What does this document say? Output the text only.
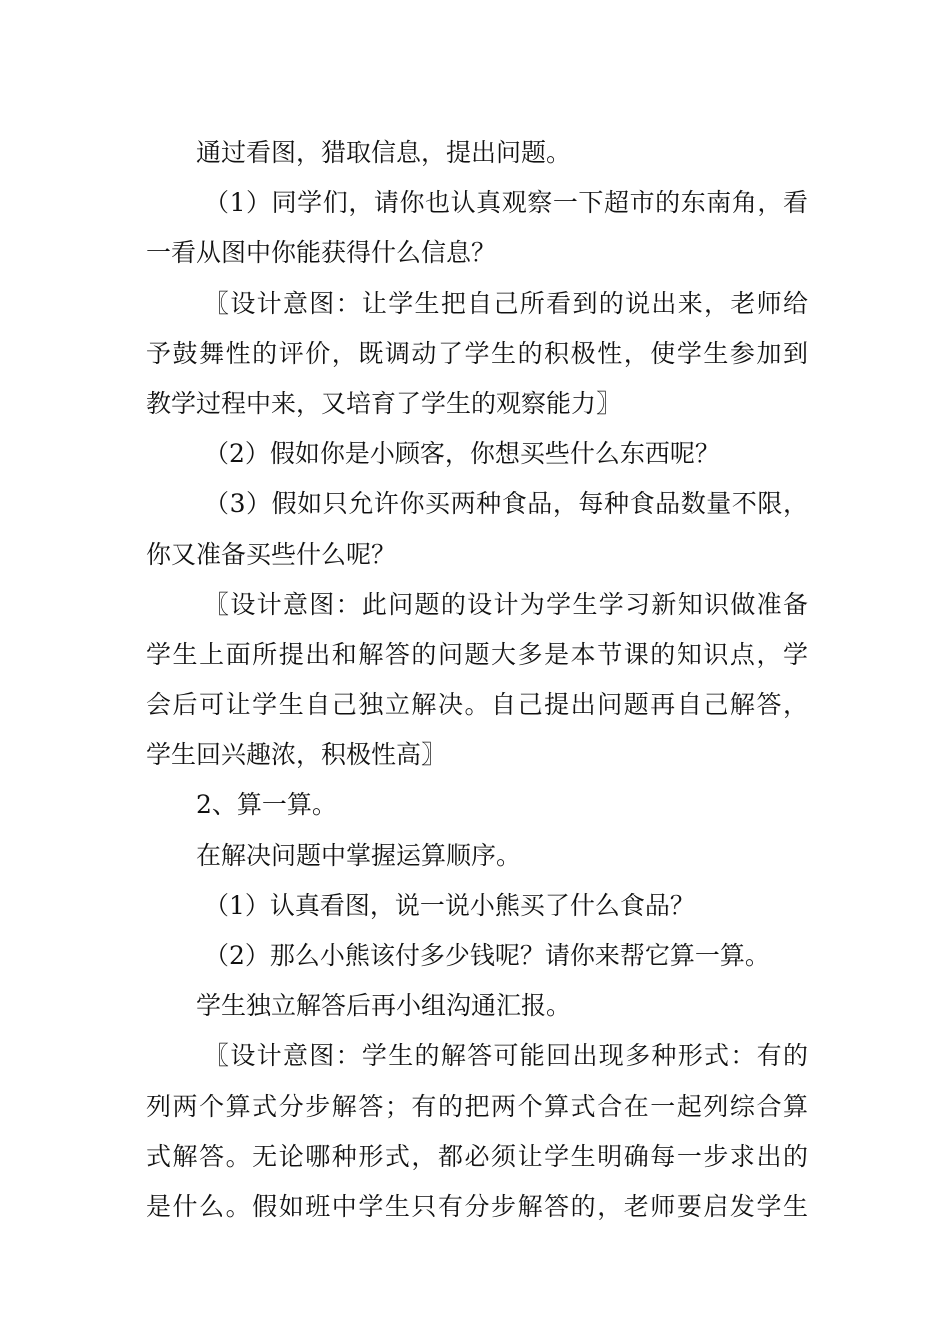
通过看图，猎取信息，提出问题。
（1）同学们，请你也认真观察一下超市的东南角，看
一看从图中你能获得什么信息？
〖设计意图：让学生把自己所看到的说出来，老师给
予鼓舞性的评价，既调动了学生的积极性，使学生参加到
教学过程中来，又培育了学生的观察能力〗
（2）假如你是小顾客，你想买些什么东西呢？
（3）假如只允许你买两种食品，每种食品数量不限，
你又准备买些什么呢？
〖设计意图：此问题的设计为学生学习新知识做准备
学生上面所提出和解答的问题大多是本节课的知识点，学
会后可让学生自己独立解决。自己提出问题再自己解答，
学生回兴趣浓，积极性高〗
2、算一算。
在解决问题中掌握运算顺序。
（1）认真看图，说一说小熊买了什么食品？
（2）那么小熊该付多少钱呢？请你来帮它算一算。
学生独立解答后再小组沟通汇报。
〖设计意图：学生的解答可能回出现多种形式：有的
列两个算式分步解答；有的把两个算式合在一起列综合算
式解答。无论哪种形式，都必须让学生明确每一步求出的
是什么。假如班中学生只有分步解答的，老师要启发学生
